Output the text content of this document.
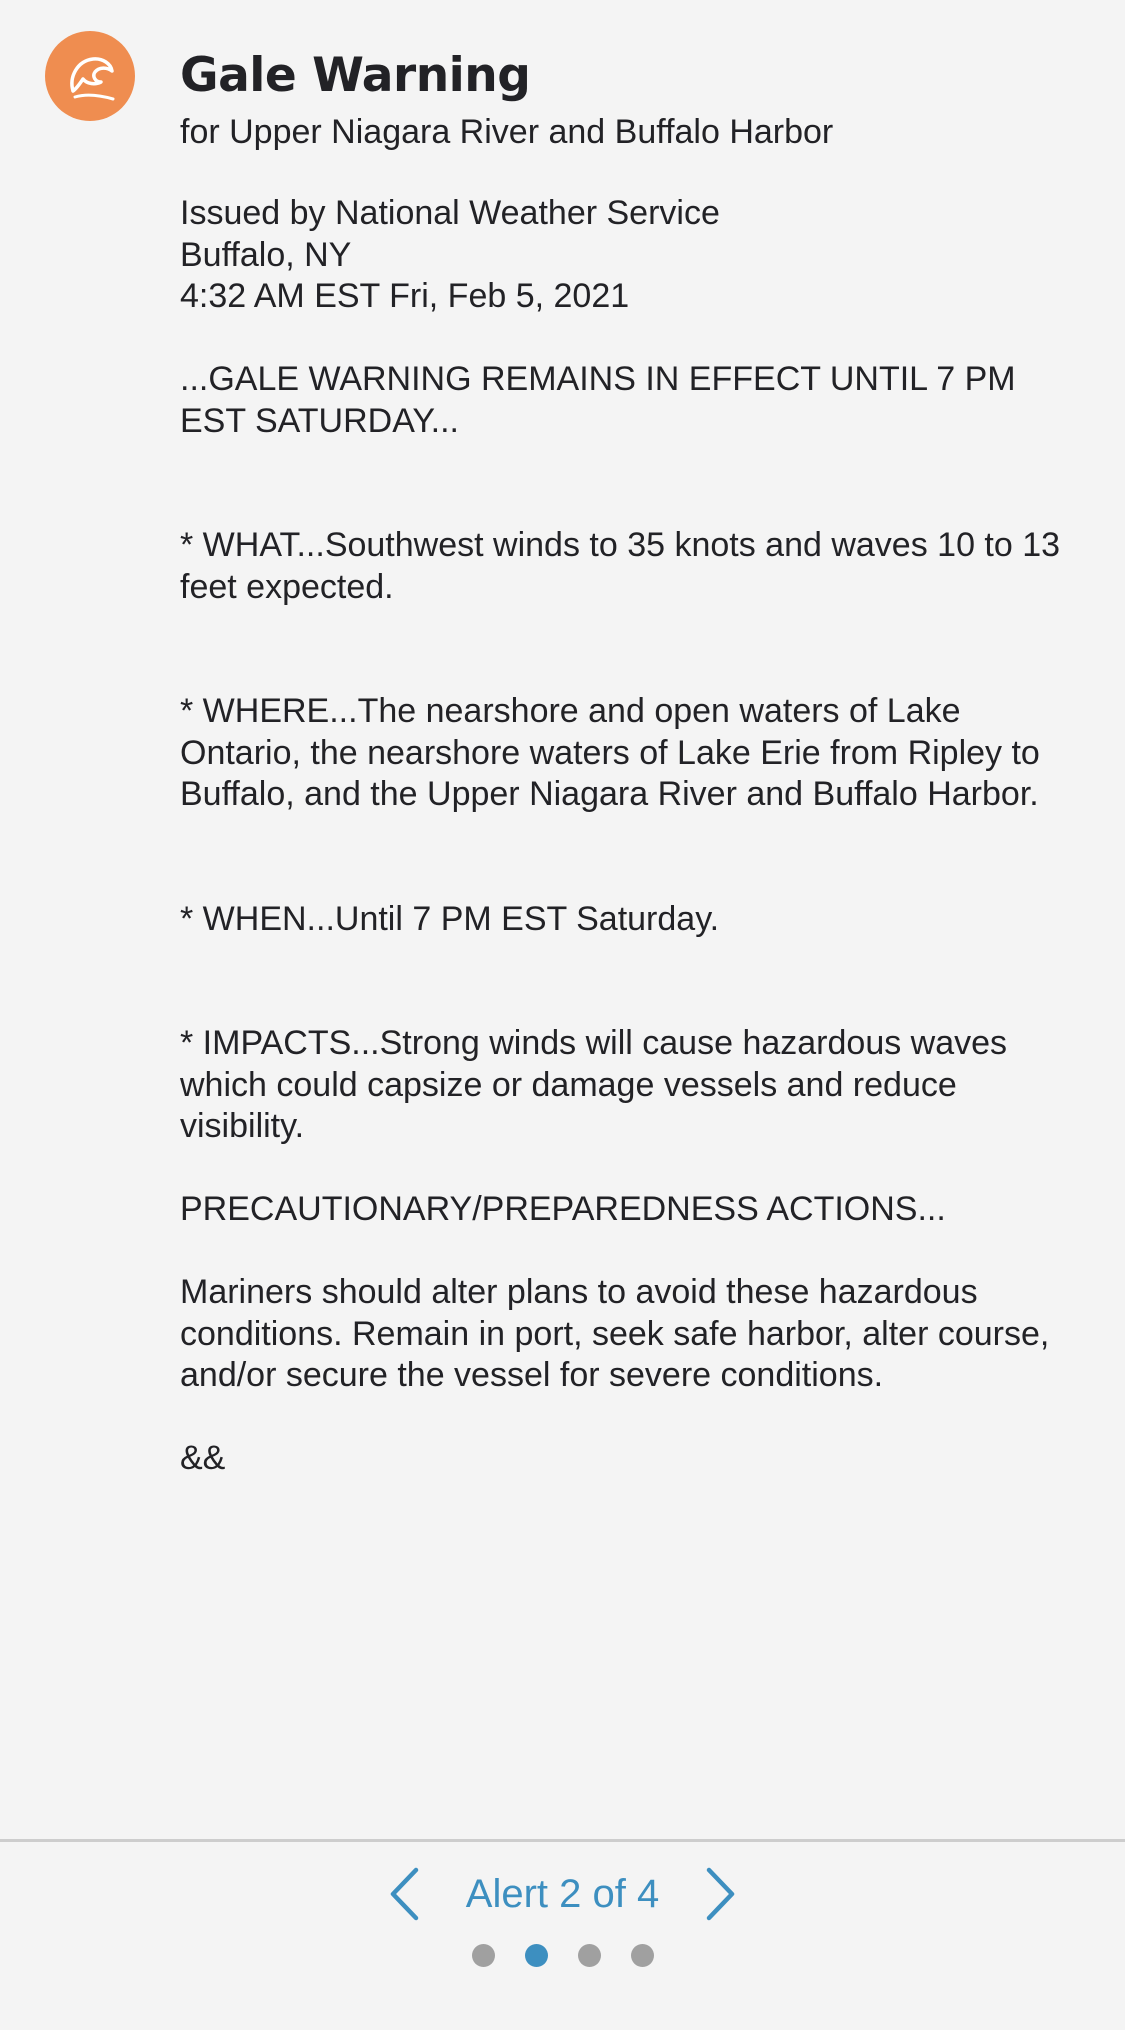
Gale Warning

for Upper Niagara River and Buffalo Harbor

Issued by National Weather Service
Buffalo, NY
4:32 AM EST Fri, Feb 5, 2021

...GALE WARNING REMAINS IN EFFECT UNTIL 7 PM EST SATURDAY...

* WHAT...Southwest winds to 35 knots and waves 10 to 13 feet expected.

* WHERE...The nearshore and open waters of Lake Ontario, the nearshore waters of Lake Erie from Ripley to Buffalo, and the Upper Niagara River and Buffalo Harbor.

* WHEN...Until 7 PM EST Saturday.

* IMPACTS...Strong winds will cause hazardous waves which could capsize or damage vessels and reduce visibility.

PRECAUTIONARY/PREPAREDNESS ACTIONS...

Mariners should alter plans to avoid these hazardous conditions. Remain in port, seek safe harbor, alter course, and/or secure the vessel for severe conditions.

&&

Alert 2 of 4
